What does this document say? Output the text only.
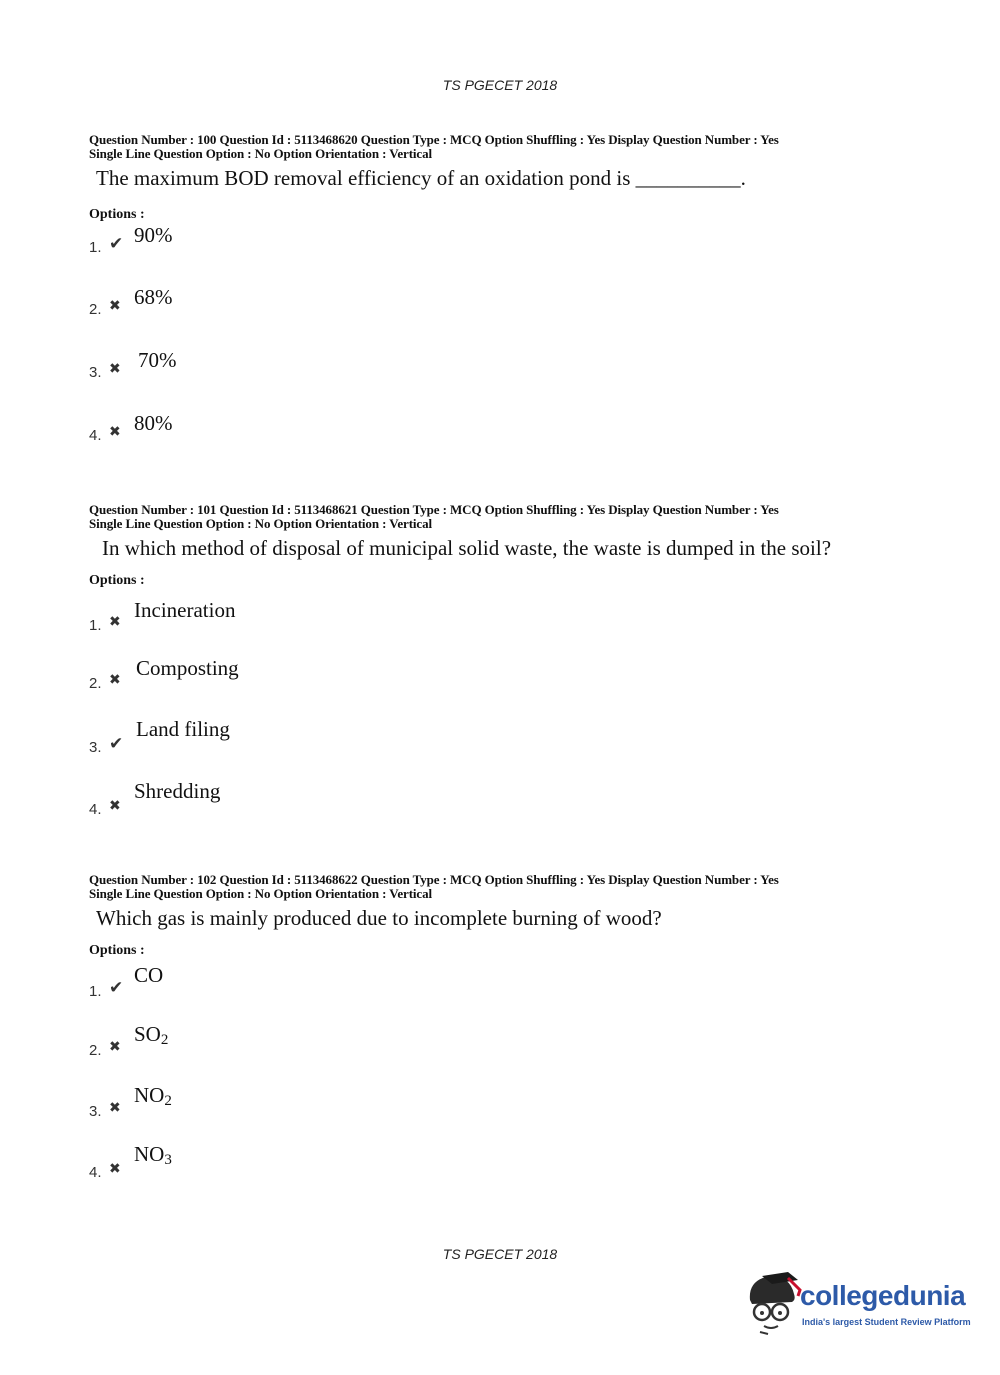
TS PGECET 2018
Question Number : 100 Question Id : 5113468620 Question Type : MCQ Option Shuffling : Yes Display Question Number : Yes
Single Line Question Option : No Option Orientation : Vertical
The maximum BOD removal efficiency of an oxidation pond is __________.
Options :
1. ✔ 90%
2. ✖ 68%
3. ✖ 70%
4. ✖ 80%
Question Number : 101 Question Id : 5113468621 Question Type : MCQ Option Shuffling : Yes Display Question Number : Yes
Single Line Question Option : No Option Orientation : Vertical
In which method of disposal of municipal solid waste, the waste is dumped in the soil?
Options :
1. ✖
Incineration
2. ✖
Composting
3. ✔
Land filing
4. ✖
Shredding
Question Number : 102 Question Id : 5113468622 Question Type : MCQ Option Shuffling : Yes Display Question Number : Yes
Single Line Question Option : No Option Orientation : Vertical
Which gas is mainly produced due to incomplete burning of wood?
Options :
1. ✔
CO
2. ✖
$SO_2$
3. ✖
$NO_2$
4. ✖
$NO_3$
TS PGECET 2018
collegedunia
India's largest Student Review Platform
